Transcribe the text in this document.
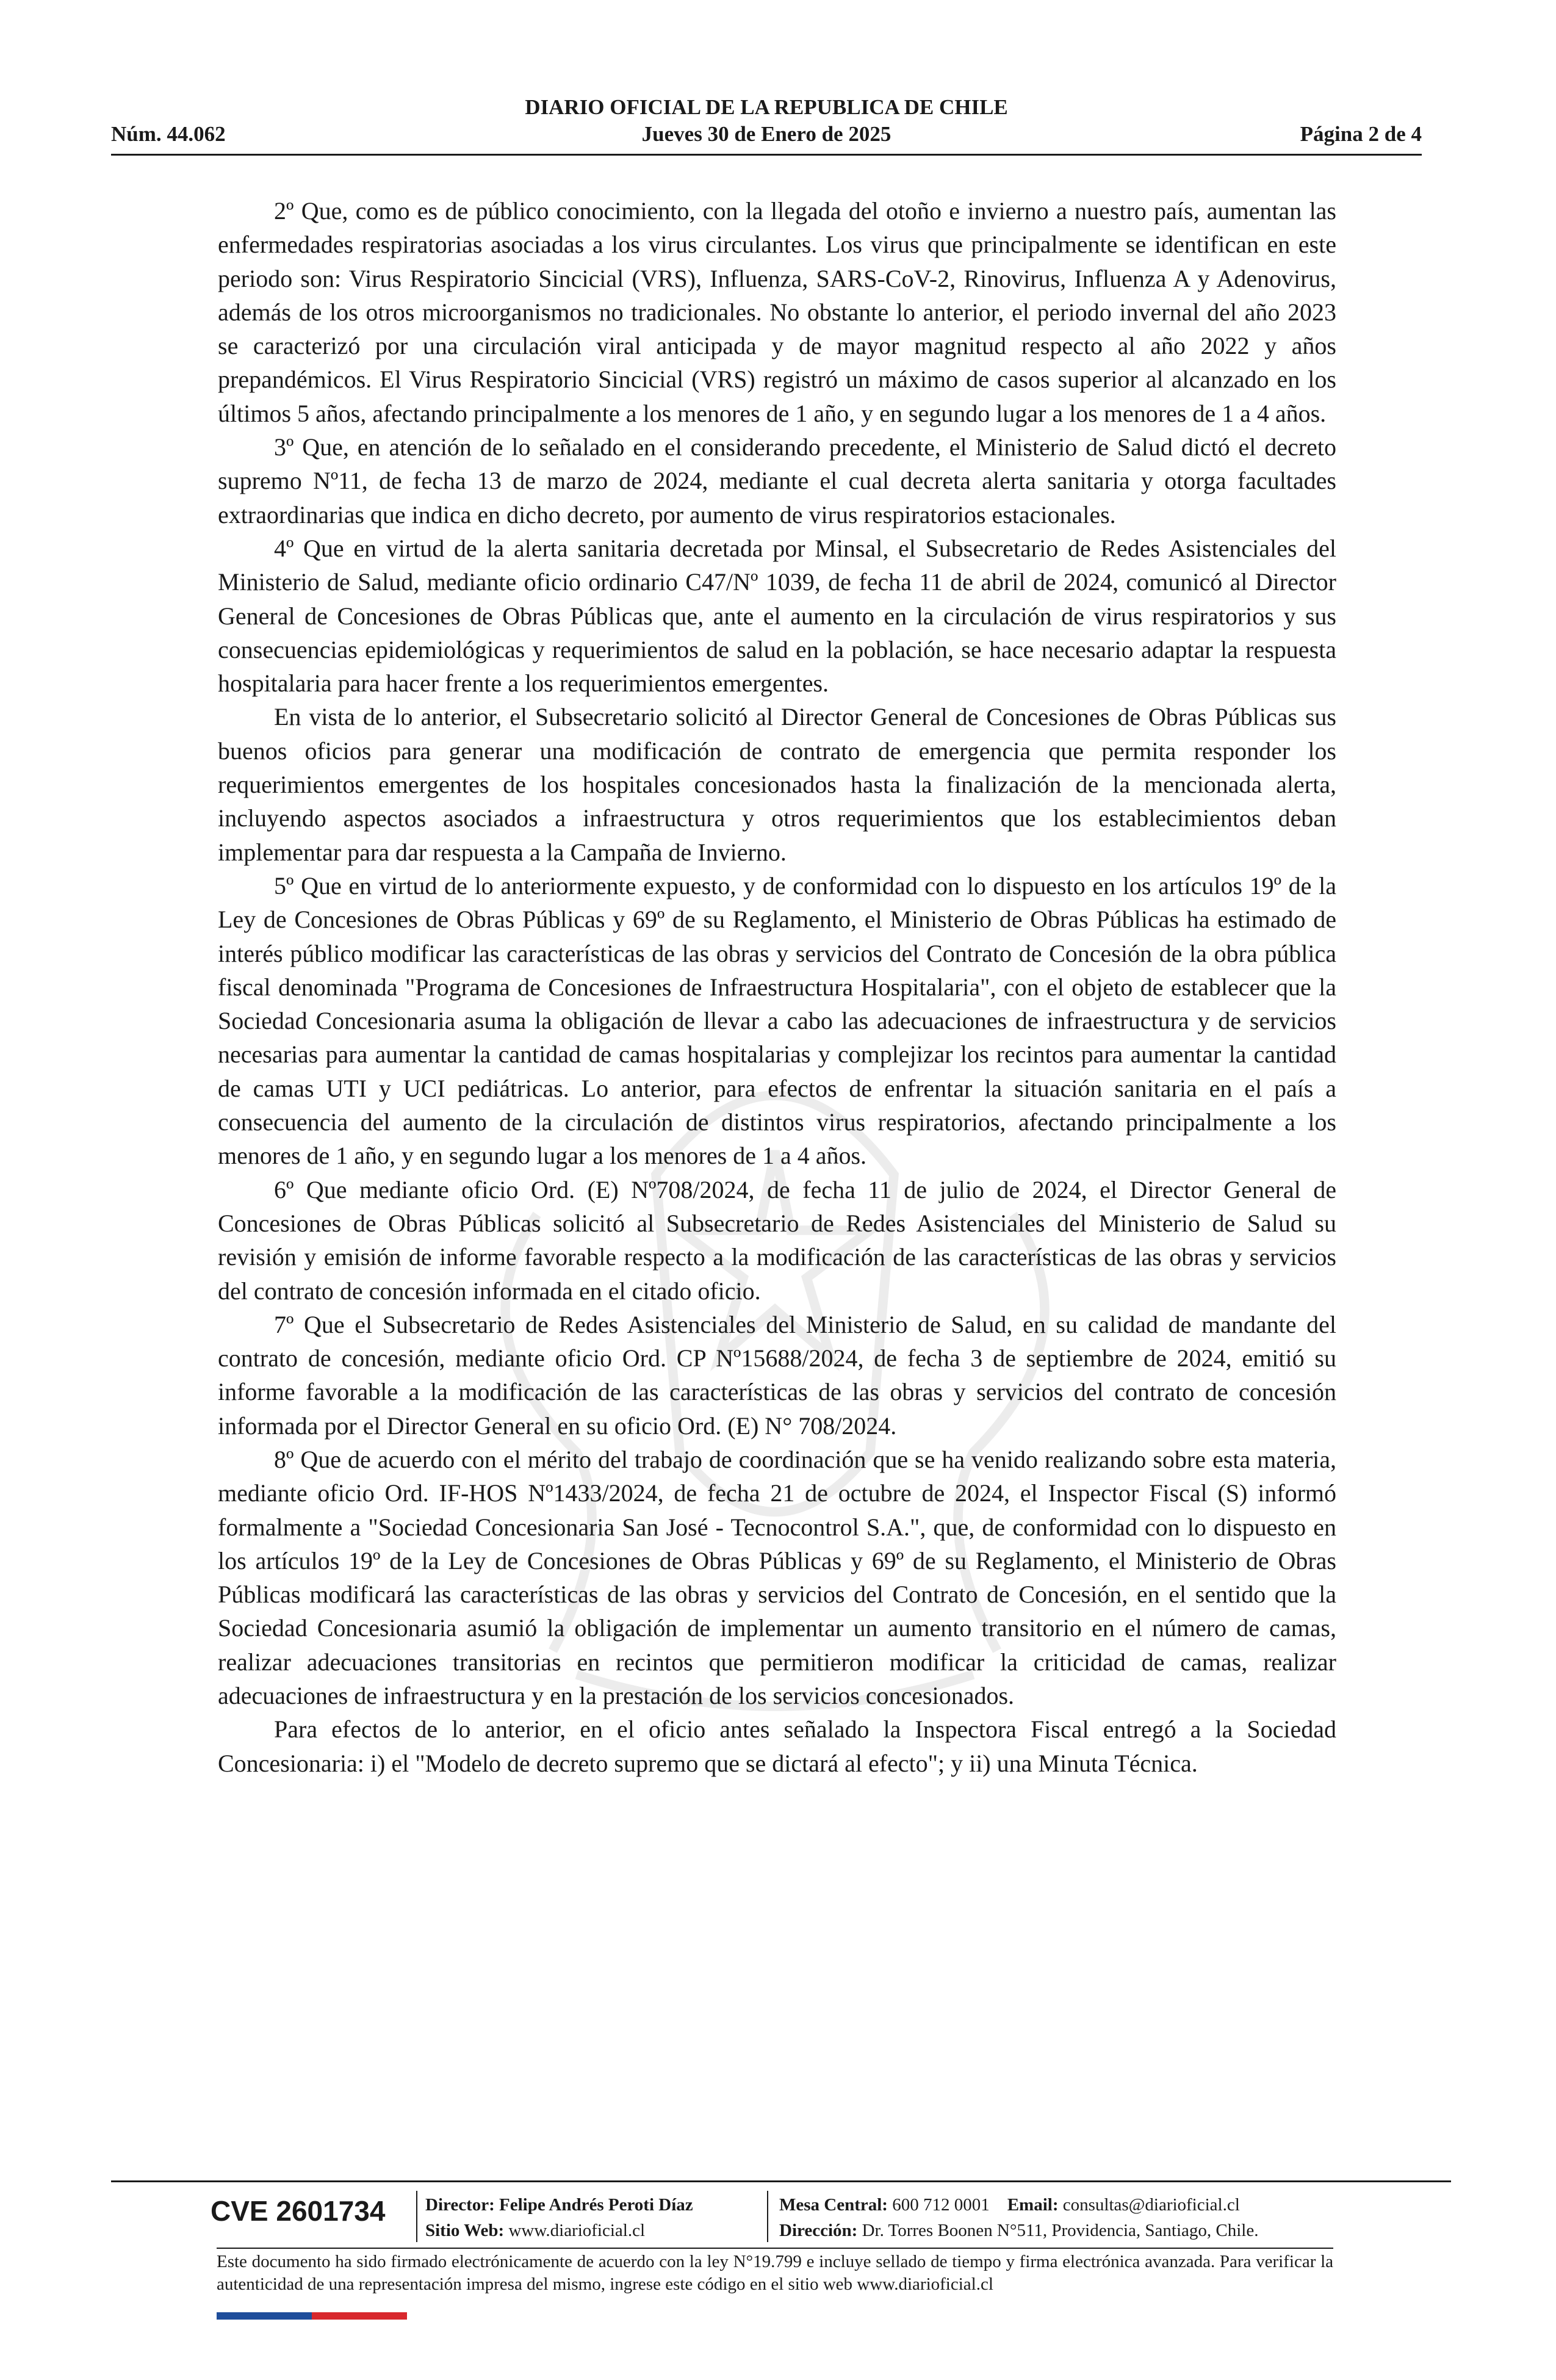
DIARIO OFICIAL DE LA REPUBLICA DE CHILE
Núm. 44.062	Jueves 30 de Enero de 2025	Página 2 de 4

2º Que, como es de público conocimiento, con la llegada del otoño e invierno a nuestro país, aumentan las enfermedades respiratorias asociadas a los virus circulantes. Los virus que principalmente se identifican en este periodo son: Virus Respiratorio Sincicial (VRS), Influenza, SARS-CoV-2, Rinovirus, Influenza A y Adenovirus, además de los otros microorganismos no tradicionales. No obstante lo anterior, el periodo invernal del año 2023 se caracterizó por una circulación viral anticipada y de mayor magnitud respecto al año 2022 y años prepandémicos. El Virus Respiratorio Sincicial (VRS) registró un máximo de casos superior al alcanzado en los últimos 5 años, afectando principalmente a los menores de 1 año, y en segundo lugar a los menores de 1 a 4 años.

3º Que, en atención de lo señalado en el considerando precedente, el Ministerio de Salud dictó el decreto supremo Nº11, de fecha 13 de marzo de 2024, mediante el cual decreta alerta sanitaria y otorga facultades extraordinarias que indica en dicho decreto, por aumento de virus respiratorios estacionales.

4º Que en virtud de la alerta sanitaria decretada por Minsal, el Subsecretario de Redes Asistenciales del Ministerio de Salud, mediante oficio ordinario C47/Nº 1039, de fecha 11 de abril de 2024, comunicó al Director General de Concesiones de Obras Públicas que, ante el aumento en la circulación de virus respiratorios y sus consecuencias epidemiológicas y requerimientos de salud en la población, se hace necesario adaptar la respuesta hospitalaria para hacer frente a los requerimientos emergentes.

En vista de lo anterior, el Subsecretario solicitó al Director General de Concesiones de Obras Públicas sus buenos oficios para generar una modificación de contrato de emergencia que permita responder los requerimientos emergentes de los hospitales concesionados hasta la finalización de la mencionada alerta, incluyendo aspectos asociados a infraestructura y otros requerimientos que los establecimientos deban implementar para dar respuesta a la Campaña de Invierno.

5º Que en virtud de lo anteriormente expuesto, y de conformidad con lo dispuesto en los artículos 19º de la Ley de Concesiones de Obras Públicas y 69º de su Reglamento, el Ministerio de Obras Públicas ha estimado de interés público modificar las características de las obras y servicios del Contrato de Concesión de la obra pública fiscal denominada "Programa de Concesiones de Infraestructura Hospitalaria", con el objeto de establecer que la Sociedad Concesionaria asuma la obligación de llevar a cabo las adecuaciones de infraestructura y de servicios necesarias para aumentar la cantidad de camas hospitalarias y complejizar los recintos para aumentar la cantidad de camas UTI y UCI pediátricas. Lo anterior, para efectos de enfrentar la situación sanitaria en el país a consecuencia del aumento de la circulación de distintos virus respiratorios, afectando principalmente a los menores de 1 año, y en segundo lugar a los menores de 1 a 4 años.

6º Que mediante oficio Ord. (E) Nº708/2024, de fecha 11 de julio de 2024, el Director General de Concesiones de Obras Públicas solicitó al Subsecretario de Redes Asistenciales del Ministerio de Salud su revisión y emisión de informe favorable respecto a la modificación de las características de las obras y servicios del contrato de concesión informada en el citado oficio.

7º Que el Subsecretario de Redes Asistenciales del Ministerio de Salud, en su calidad de mandante del contrato de concesión, mediante oficio Ord. CP Nº15688/2024, de fecha 3 de septiembre de 2024, emitió su informe favorable a la modificación de las características de las obras y servicios del contrato de concesión informada por el Director General en su oficio Ord. (E) N° 708/2024.

8º Que de acuerdo con el mérito del trabajo de coordinación que se ha venido realizando sobre esta materia, mediante oficio Ord. IF-HOS Nº1433/2024, de fecha 21 de octubre de 2024, el Inspector Fiscal (S) informó formalmente a "Sociedad Concesionaria San José - Tecnocontrol S.A.", que, de conformidad con lo dispuesto en los artículos 19º de la Ley de Concesiones de Obras Públicas y 69º de su Reglamento, el Ministerio de Obras Públicas modificará las características de las obras y servicios del Contrato de Concesión, en el sentido que la Sociedad Concesionaria asumió la obligación de implementar un aumento transitorio en el número de camas, realizar adecuaciones transitorias en recintos que permitieron modificar la criticidad de camas, realizar adecuaciones de infraestructura y en la prestación de los servicios concesionados.

Para efectos de lo anterior, en el oficio antes señalado la Inspectora Fiscal entregó a la Sociedad Concesionaria: i) el "Modelo de decreto supremo que se dictará al efecto"; y ii) una Minuta Técnica.

CVE 2601734 Director: Felipe Andrés Peroti Díaz
Sitio Web: www.diarioficial.cl
Mesa Central: 600 712 0001 Email: consultas@diarioficial.cl
Dirección: Dr. Torres Boonen N°511, Providencia, Santiago, Chile.
Este documento ha sido firmado electrónicamente de acuerdo con la ley N°19.799 e incluye sellado de tiempo y firma electrónica avanzada. Para verificar la autenticidad de una representación impresa del mismo, ingrese este código en el sitio web www.diarioficial.cl
